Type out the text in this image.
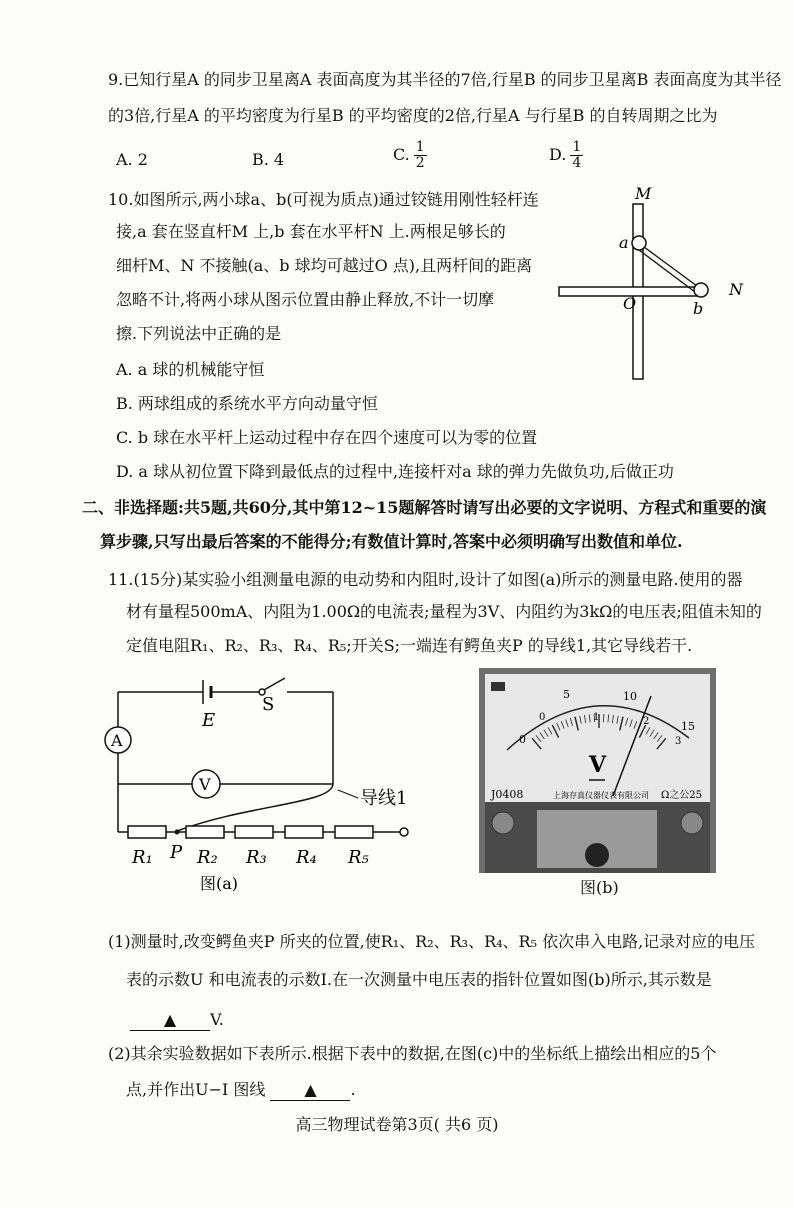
9.已知行星A 的同步卫星离A 表面高度为其半径的7倍,行星B 的同步卫星离B 表面高度为其半径
的3倍,行星A 的平均密度为行星B 的平均密度的2倍,行星A 与行星B 的自转周期之比为
A. 2	B. 4	C. $\frac{1}{2}$	D. $\frac{1}{4}$
10.如图所示,两小球a、b(可视为质点)通过铰链用刚性轻杆连
接,a 套在竖直杆M 上,b 套在水平杆N 上.两根足够长的
细杆M、N 不接触(a、b 球均可越过O 点),且两杆间的距离
忽略不计,将两小球从图示位置由静止释放,不计一切摩
擦.下列说法中正确的是
A. a 球的机械能守恒
B. 两球组成的系统水平方向动量守恒
C. b 球在水平杆上运动过程中存在四个速度可以为零的位置
D. a 球从初位置下降到最低点的过程中,连接杆对a 球的弹力先做负功,后做正功
M
a
N
b
O
二、非选择题:共5题,共60分,其中第12~15题解答时请写出必要的文字说明、方程式和重要的演
算步骤,只写出最后答案的不能得分;有数值计算时,答案中必须明确写出数值和单位.
11.(15分)某实验小组测量电源的电动势和内阻时,设计了如图(a)所示的测量电路.使用的器
材有量程500mA、内阻为1.00Ω的电流表;量程为3V、内阻约为3kΩ的电压表;阻值未知的
定值电阻R₁、R₂、R₃、R₄、R₅;开关S;一端连有鳄鱼夹P 的导线1,其它导线若干.
A
V
导线1
E
S
R₁ P R₂ R₃ R₄ R₅
图(a)
0
5	10
15
0	1	2
3
V
J0408	上海存真仪器仪表有限公司 Ω之公25
图(b)
(1)测量时,改变鳄鱼夹P 所夹的位置,使R₁、R₂、R₃、R₄、R₅ 依次串入电路,记录对应的电压
表的示数U 和电流表的示数I.在一次测量中电压表的指针位置如图(b)所示,其示数是
▲ V.
(2)其余实验数据如下表所示.根据下表中的数据,在图(c)中的坐标纸上描绘出相应的5个
点,并作出U−I 图线 ▲ .
高三物理试卷第3页( 共6 页)
